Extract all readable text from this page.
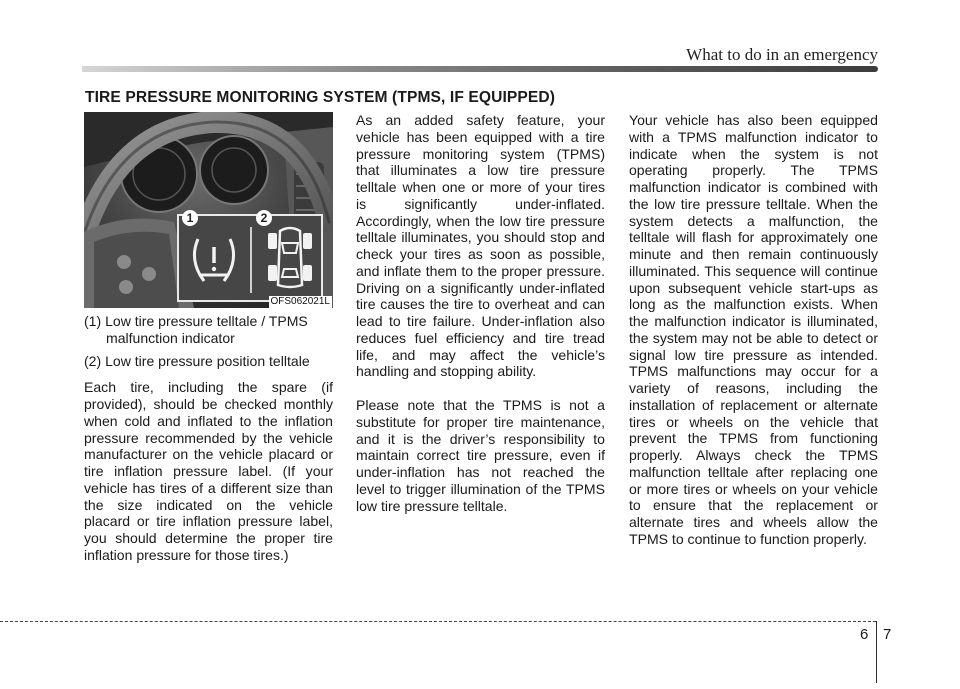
What to do in an emergency
TIRE PRESSURE MONITORING SYSTEM (TPMS, IF EQUIPPED)
1	2
OFS062021L

(1) Low tire pressure telltale / TPMS malfunction indicator

(2) Low tire pressure position telltale

Each tire, including the spare (if provided), should be checked monthly when cold and inflated to the inflation pressure recommended by the vehicle manufacturer on the vehicle placard or tire inflation pressure label. (If your vehicle has tires of a different size than the size indicated on the vehicle placard or tire inflation pressure label, you should determine the proper tire inflation pressure for those tires.)

As an added safety feature, your vehicle has been equipped with a tire pressure monitoring system (TPMS) that illuminates a low tire pressure telltale when one or more of your tires is significantly under-inflated. Accordingly, when the low tire pressure telltale illuminates, you should stop and check your tires as soon as possible, and inflate them to the proper pressure. Driving on a significantly under-inflated tire causes the tire to overheat and can lead to tire failure. Under-inflation also reduces fuel efficiency and tire tread life, and may affect the vehicle’s handling and stopping ability.

Please note that the TPMS is not a substitute for proper tire maintenance, and it is the driver’s responsibility to maintain correct tire pressure, even if under-inflation has not reached the level to trigger illumination of the TPMS low tire pressure telltale.

Your vehicle has also been equipped with a TPMS malfunction indicator to indicate when the system is not operating properly. The TPMS malfunction indicator is combined with the low tire pressure telltale. When the system detects a malfunction, the telltale will flash for approximately one minute and then remain continuously illuminated. This sequence will continue upon subsequent vehicle start-ups as long as the malfunction exists. When the malfunction indicator is illuminated, the system may not be able to detect or signal low tire pressure as intended. TPMS malfunctions may occur for a variety of reasons, including the installation of replacement or alternate tires or wheels on the vehicle that prevent the TPMS from functioning properly. Always check the TPMS malfunction telltale after replacing one or more tires or wheels on your vehicle to ensure that the replacement or alternate tires and wheels allow the TPMS to continue to function properly.

6 7
